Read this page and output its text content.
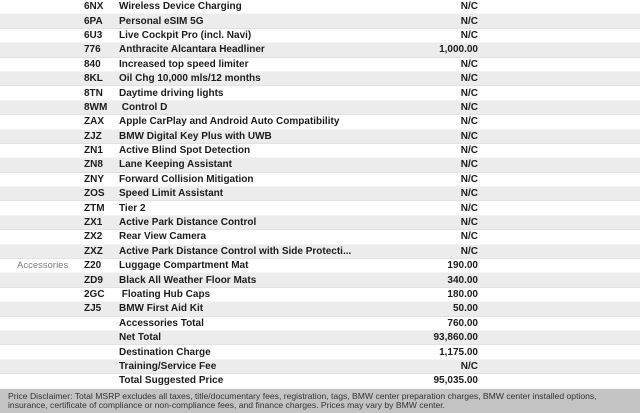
6NX	Wireless Device Charging	N/C
6PA	Personal eSIM 5G	N/C
6U3	Live Cockpit Pro (incl. Navi)	N/C
776	Anthracite Alcantara Headliner	1,000.00
840	Increased top speed limiter	N/C
8KL	Oil Chg 10,000 mls/12 months	N/C
8TN	Daytime driving lights	N/C
8WM	Control D	N/C
ZAX	Apple CarPlay and Android Auto Compatibility	N/C
ZJZ	BMW Digital Key Plus with UWB	N/C
ZN1	Active Blind Spot Detection	N/C
ZN8	Lane Keeping Assistant	N/C
ZNY	Forward Collision Mitigation	N/C
ZOS	Speed Limit Assistant	N/C
ZTM	Tier 2	N/C
ZX1	Active Park Distance Control	N/C
ZX2	Rear View Camera	N/C
ZXZ	Active Park Distance Control with Side Protecti...	N/C
Accessories	Z20	Luggage Compartment Mat	190.00
ZD9	Black All Weather Floor Mats	340.00
2GC	Floating Hub Caps	180.00
ZJ5	BMW First Aid Kit	50.00
Accessories Total	760.00
Net Total	93,860.00
Destination Charge	1,175.00
Training/Service Fee	N/C
Total Suggested Price	95,035.00
Price Disclaimer: Total MSRP excludes all taxes, title/documentary fees, registration, tags, BMW center preparation charges, BMW center installed options, insurance, certificate of compliance or non-compliance fees, and finance charges. Prices may vary by BMW center.
